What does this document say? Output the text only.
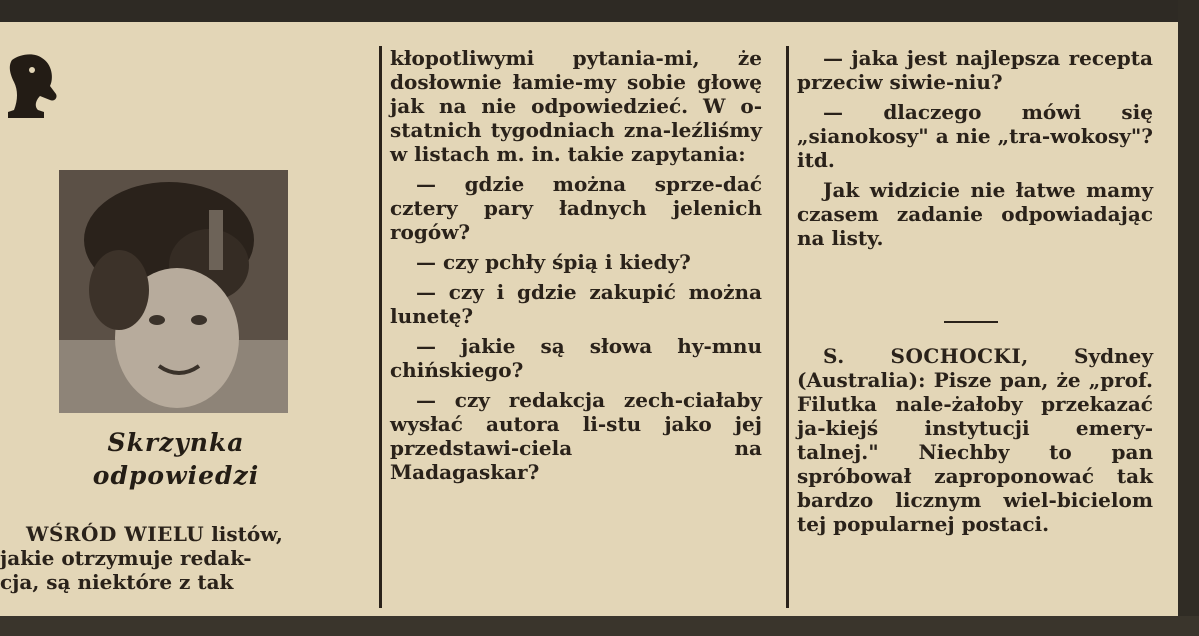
Skrzynka
odpowiedzi
WŚRÓD WIELU listów,
jakie otrzymuje redak-
cja, są niektóre z tak

kłopotliwymi pytania-mi, że dosłownie łamie-my sobie głowę jak na nie odpowiedzieć. W o-statnich tygodniach zna-leźliśmy w listach m. in. takie zapytania:

— gdzie można sprze-dać cztery pary ładnych jelenich rogów?

— czy pchły śpią i kiedy?

— czy i gdzie zakupić można lunetę?

— jakie są słowa hy-mnu chińskiego?

— czy redakcja zech-ciałaby wysłać autora li-stu jako jej przedstawi-ciela na Madagaskar?

— jaka jest najlepsza recepta przeciw siwie-niu?

— dlaczego mówi się „sianokosy" a nie „tra-wokosy"? itd.

Jak widzicie nie łatwe mamy czasem zadanie odpowiadając na listy.

S. SOCHOCKI, Sydney (Australia): Pisze pan, że „prof. Filutka nale-żałoby przekazać ja-kiejś instytucji emery-talnej." Niechby to pan spróbował zaproponować tak bardzo licznym wiel-bicielom tej popularnej postaci.
